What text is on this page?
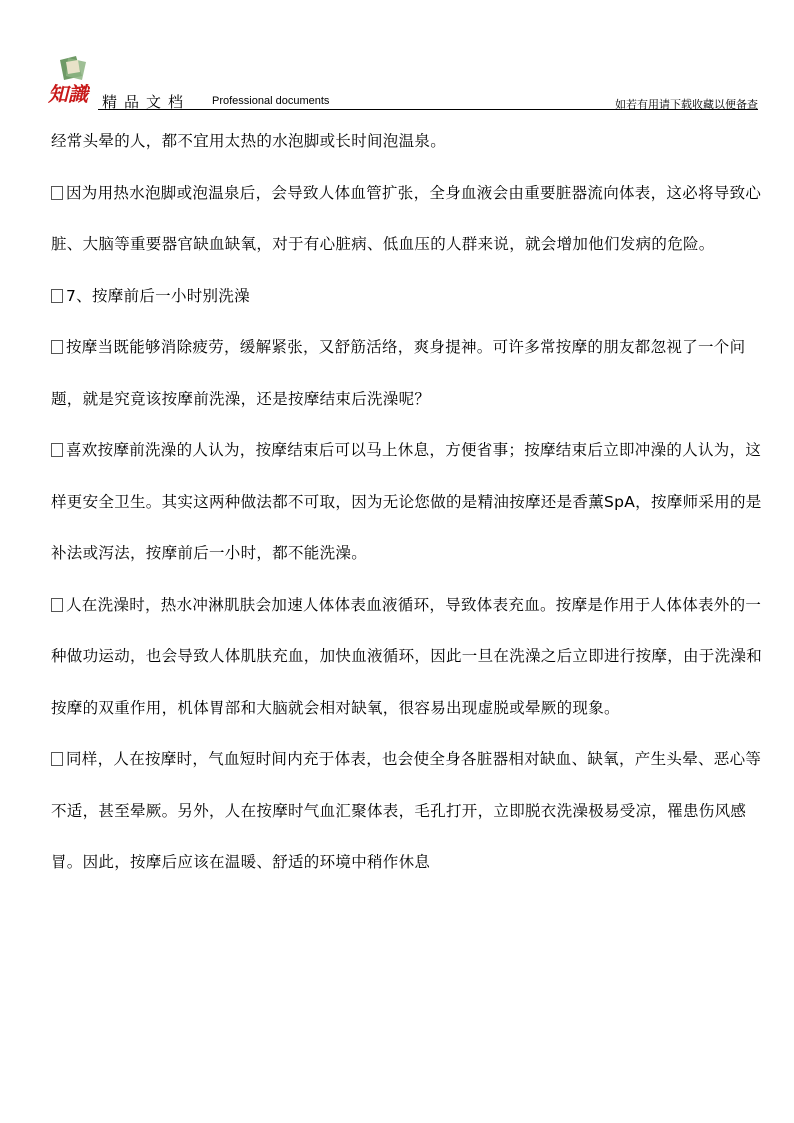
知識 精品文档 Professional documents	如若有用请下载收藏以便备查

经常头晕的人，都不宜用太热的水泡脚或长时间泡温泉。

因为用热水泡脚或泡温泉后，会导致人体血管扩张，全身血液会由重要脏器流向体表，这必将导致心脏、大脑等重要器官缺血缺氧，对于有心脏病、低血压的人群来说，就会增加他们发病的危险。

7、按摩前后一小时别洗澡

按摩当既能够消除疲劳，缓解紧张，又舒筋活络，爽身提神。可许多常按摩的朋友都忽视了一个问题，就是究竟该按摩前洗澡，还是按摩结束后洗澡呢？

喜欢按摩前洗澡的人认为，按摩结束后可以马上休息，方便省事；按摩结束后立即冲澡的人认为，这样更安全卫生。其实这两种做法都不可取，因为无论您做的是精油按摩还是香薰SpA，按摩师采用的是补法或泻法，按摩前后一小时，都不能洗澡。

人在洗澡时，热水冲淋肌肤会加速人体体表血液循环，导致体表充血。按摩是作用于人体体表外的一种做功运动，也会导致人体肌肤充血，加快血液循环，因此一旦在洗澡之后立即进行按摩，由于洗澡和按摩的双重作用，机体胃部和大脑就会相对缺氧，很容易出现虚脱或晕厥的现象。

同样，人在按摩时，气血短时间内充于体表，也会使全身各脏器相对缺血、缺氧，产生头晕、恶心等不适，甚至晕厥。另外，人在按摩时气血汇聚体表，毛孔打开，立即脱衣洗澡极易受凉，罹患伤风感冒。因此，按摩后应该在温暖、舒适的环境中稍作休息
